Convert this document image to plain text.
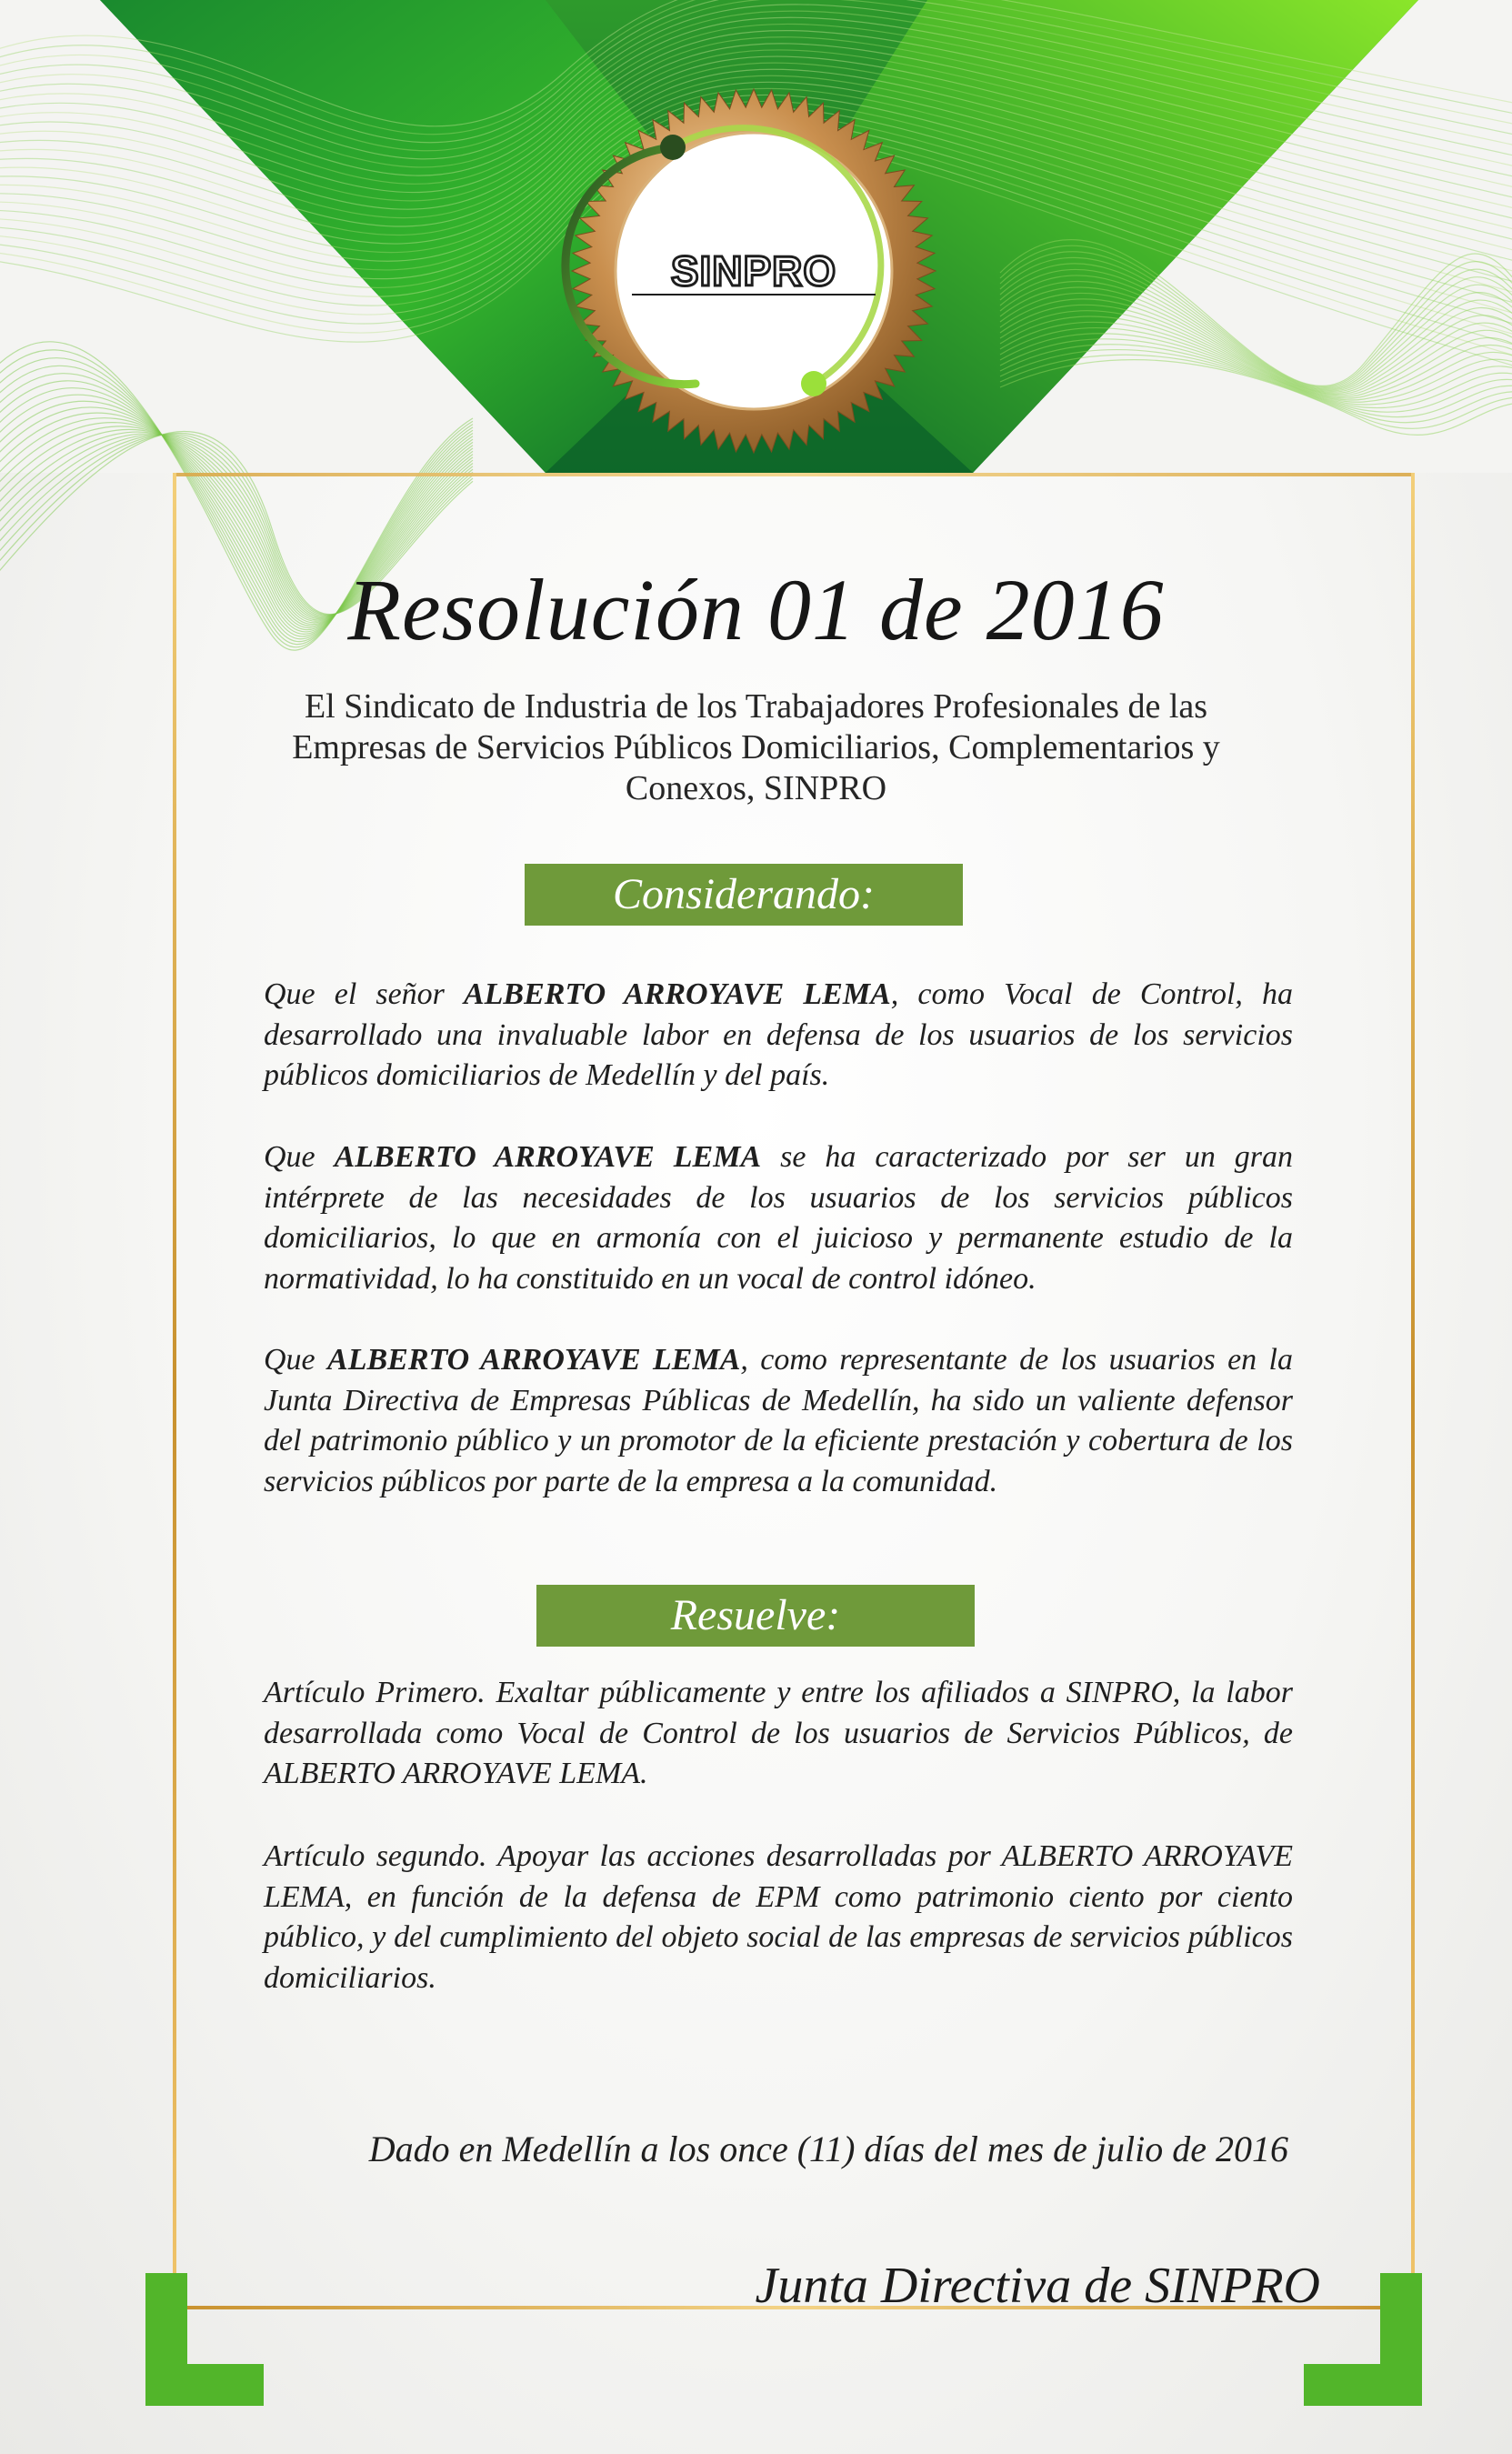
SINPRO
Resolución 01 de 2016
El Sindicato de Industria de los Trabajadores Profesionales de las Empresas de Servicios Públicos Domiciliarios, Complementarios y Conexos, SINPRO
Considerando:
Que el señor ALBERTO ARROYAVE LEMA, como Vocal de Control, ha desarrollado una invaluable labor en defensa de los usuarios de los servicios públicos domiciliarios de Medellín y del país.
Que ALBERTO ARROYAVE LEMA se ha caracterizado por ser un gran intérprete de las necesidades de los usuarios de los servicios públicos domiciliarios, lo que en armonía con el juicioso y permanente estudio de la normatividad, lo ha constituido en un vocal de control idóneo.
Que ALBERTO ARROYAVE LEMA, como representante de los usuarios en la Junta Directiva de Empresas Públicas de Medellín, ha sido un valiente defensor del patrimonio público y un promotor de la eficiente prestación y cobertura de los servicios públicos por parte de la empresa a la comunidad.
Resuelve:
Artículo Primero. Exaltar públicamente y entre los afiliados a SINPRO, la labor desarrollada como Vocal de Control de los usuarios de Servicios Públicos, de ALBERTO ARROYAVE LEMA.
Artículo segundo. Apoyar las acciones desarrolladas por ALBERTO ARROYAVE LEMA, en función de la defensa de EPM como patrimonio ciento por ciento público, y del cumplimiento del objeto social de las empresas de servicios públicos domiciliarios.
Dado en Medellín a los once (11) días del mes de julio de 2016
Junta Directiva de SINPRO
